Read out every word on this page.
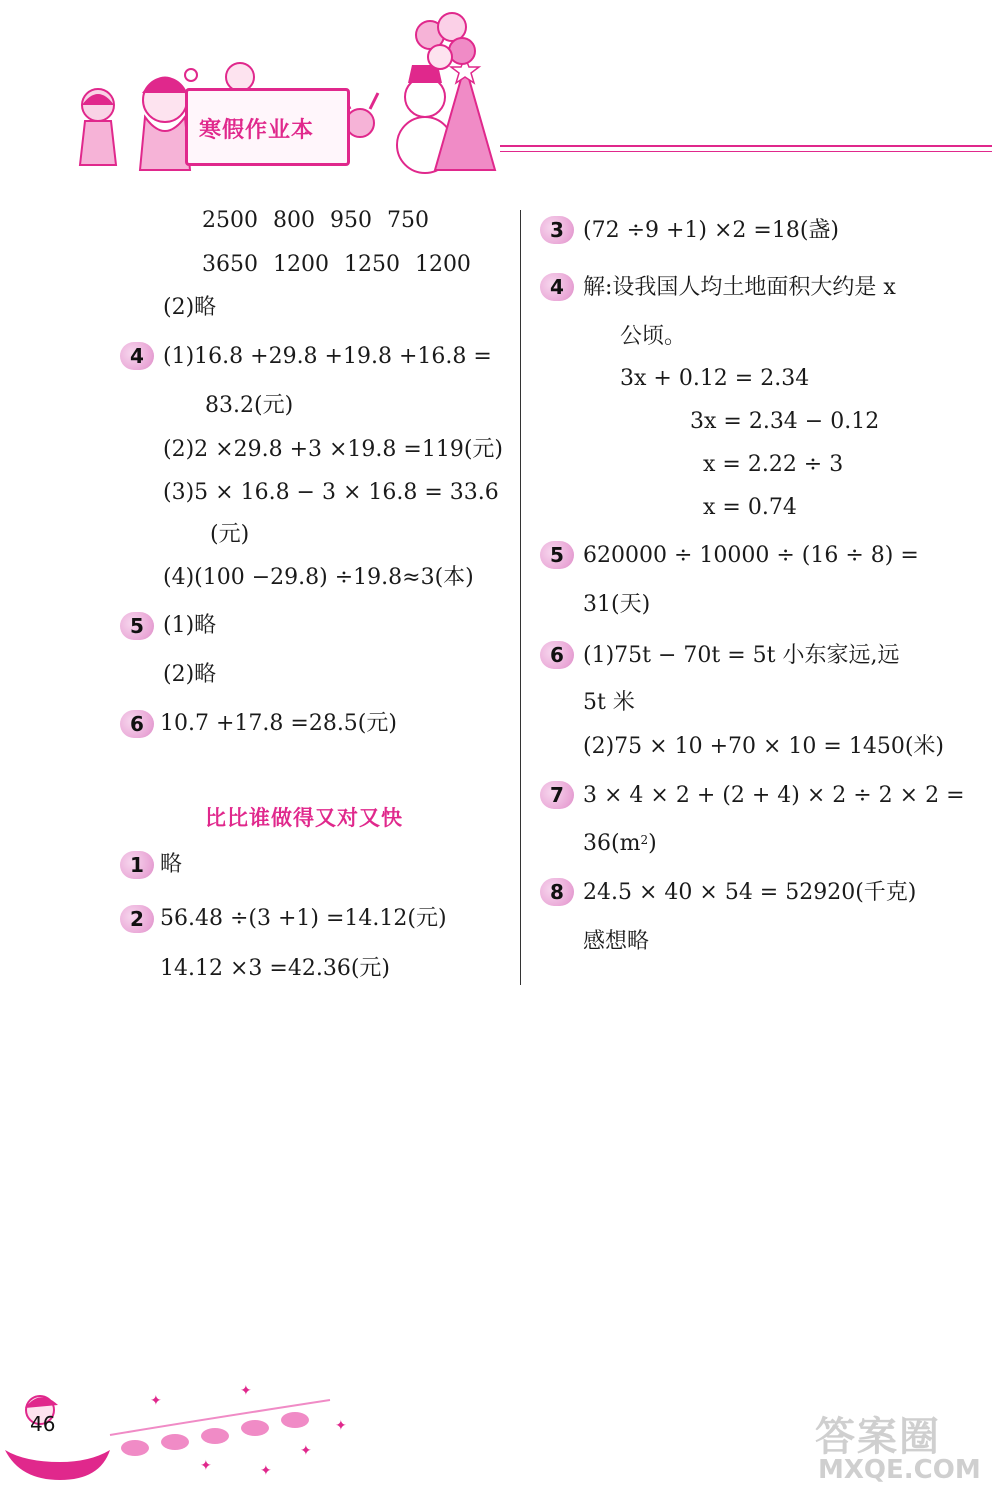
寒假作业本
2500 800 950 750
3650 1200 1250 1200
(2)略
4 (1)16.8 +29.8 +19.8 +16.8 =
83.2(元)
(2)2 ×29.8 +3 ×19.8 =119(元)
(3)5 × 16.8 − 3 × 16.8 = 33.6
(元)
(4)(100 −29.8) ÷19.8≈3(本)
5 (1)略
(2)略
6 10.7 +17.8 =28.5(元)
比比谁做得又对又快
1 略
2 56.48 ÷(3 +1) =14.12(元)
14.12 ×3 =42.36(元)
3 (72 ÷9 +1) ×2 =18(盏)
4 解:设我国人均土地面积大约是 x
公顷。
3x + 0.12 = 2.34
3x = 2.34 − 0.12
x = 2.22 ÷ 3
x = 0.74
5 620000 ÷ 10000 ÷ (16 ÷ 8) =
31(天)
6 (1)75t − 70t = 5t 小东家远,远
5t 米
(2)75 × 10 +70 × 10 = 1450(米)
7 3 × 4 × 2 + (2 + 4) × 2 ÷ 2 × 2 =
$36(m^2)$
8 24.5 × 40 × 54 = 52920(千克)
感想略
✦
✦	✦
✦
✦
✦
46	答案圈
MXQE.COM
